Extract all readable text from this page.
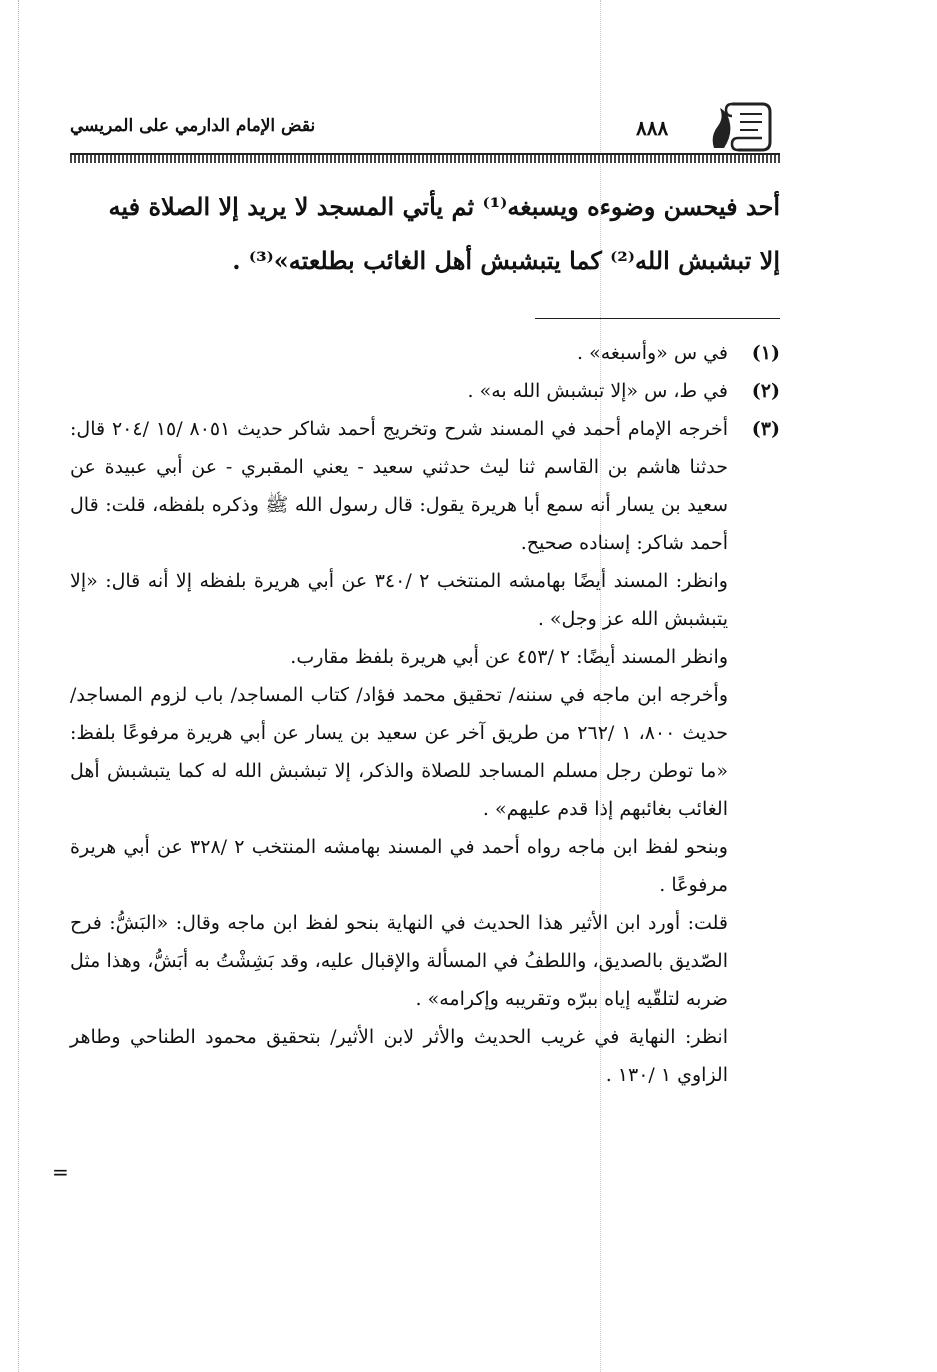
نقض الإمام الدارمي على المريسي	٨٨٨

أحد فيحسن وضوءه ويسبغه⁽¹⁾ ثم يأتي المسجد لا يريد إلا الصلاة فيه

إلا تبشبش الله⁽²⁾ كما يتبشبش أهل الغائب بطلعته»⁽³⁾ .

(١)

في س «وأسبغه» .

(٢)

في ط، س «إلا تبشبش الله به» .

(٣)

أخرجه الإمام أحمد في المسند شرح وتخريج أحمد شاكر حديث ٨٠٥١ /١٥ /٢٠٤ قال: حدثنا هاشم بن القاسم ثنا ليث حدثني سعيد - يعني المقبري - عن أبي عبيدة عن سعيد بن يسار أنه سمع أبا هريرة يقول: قال رسول الله ﷺ وذكره بلفظه، قلت: قال أحمد شاكر: إسناده صحيح.

وانظر: المسند أيضًا بهامشه المنتخب ٢ /٣٤٠ عن أبي هريرة بلفظه إلا أنه قال: «إلا يتبشبش الله عز وجل» .

وانظر المسند أيضًا: ٢ /٤٥٣ عن أبي هريرة بلفظ مقارب.

وأخرجه ابن ماجه في سننه/ تحقيق محمد فؤاد/ كتاب المساجد/ باب لزوم المساجد/ حديث ٨٠٠، ١ /٢٦٢ من طريق آخر عن سعيد بن يسار عن أبي هريرة مرفوعًا بلفظ: «ما توطن رجل مسلم المساجد للصلاة والذكر، إلا تبشبش الله له كما يتبشبش أهل الغائب بغائبهم إذا قدم عليهم» .

وبنحو لفظ ابن ماجه رواه أحمد في المسند بهامشه المنتخب ٢ /٣٢٨ عن أبي هريرة مرفوعًا .

قلت: أورد ابن الأثير هذا الحديث في النهاية بنحو لفظ ابن ماجه وقال: «البَشُّ: فرح الصّديق بالصديق، واللطفُ في المسألة والإقبال عليه، وقد بَشِشْتُ به أبَشُّ، وهذا مثل ضربه لتلقّيه إياه ببرّه وتقريبه وإكرامه» .

انظر: النهاية في غريب الحديث والأثر لابن الأثير/ بتحقيق محمود الطناحي وطاهر الزاوي ١ /١٣٠ .

=
